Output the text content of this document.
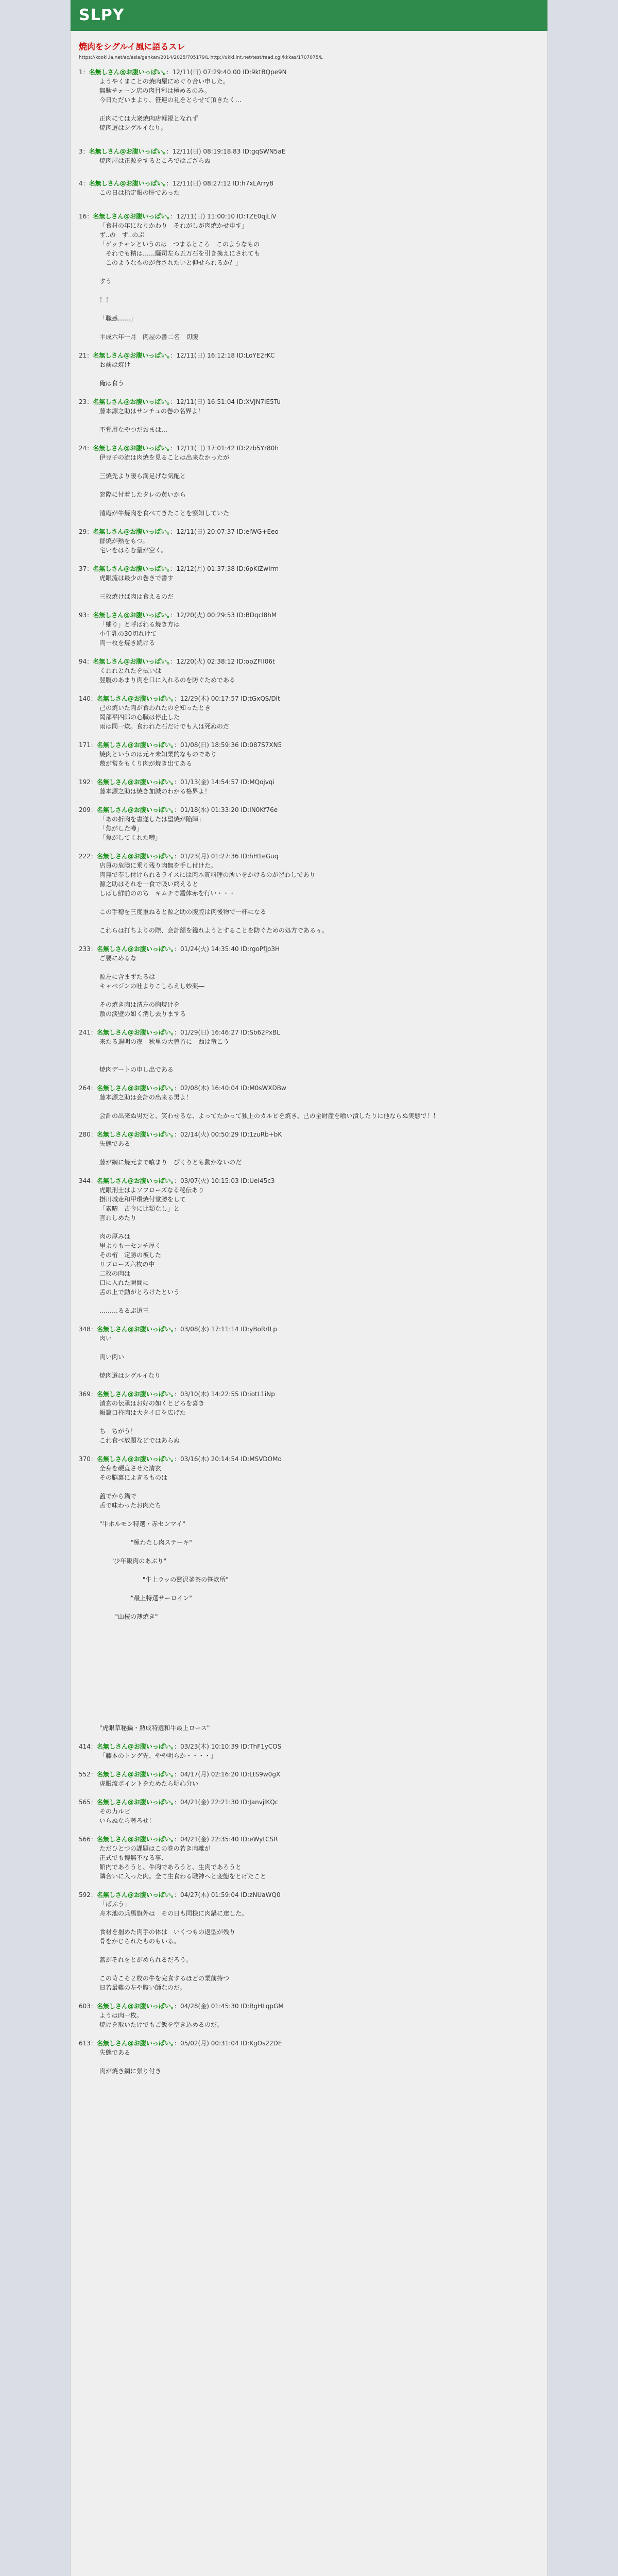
SLPY
焼肉をシグルイ風に語るスレ
https://kooki.ia.net/ac/asia/genkan/2014/2025/705179/L http://ukkl.lnt.net/test/read.cgi/kkkas/1707075/L
1：名無しさん@お腹いっぱい。：12/11(日) 07:29:40.00 ID:9ktBQpe9N
ようやくまことの焼肉屋にめぐり合い申した。
無駄チェーン店の肉目利は極めるのみ。
今日ただいまより、笹連の礼をとらせて頂きたく…
正肉にては大衆焼肉店軽視となれず
焼肉道はシグルイなり。
3：名無しさん@お腹いっぱい。：12/11(日) 08:19:18.83 ID:gqSWN5aE
焼肉屋は正源をするところではござらぬ
4：名無しさん@お腹いっぱい。：12/11(日) 08:27:12 ID:h7xLArry8
この日は指定眼の肝であった
16：名無しさん@お腹いっぱい。：12/11(日) 11:00:10 ID:TZE0qjLiV
「食材の年になりかわり　それがしが肉焼かせ申す」
ず..の　ず..のぷ
「ゲッチャンというのは　つまるところ　このようなもの
　それでも精は……騒司左ら五万石を引き換えにされても
　このようなものが食されたいと仰せられるか？」
すう
！！
「職惑……」
平成六年一月　肉屋の書二名　切腹
21：名無しさん@お腹いっぱい。：12/11(日) 16:12:18 ID:LoYE2rKC
お前は焼け
俺は食う
23：名無しさん@お腹いっぱい。：12/11(日) 16:51:04 ID:XVJN7lE5Tu
藤本源之助はサンチュの巻の名界よ！
不覚用なやつだおまは…
24：名無しさん@お腹いっぱい。：12/11(日) 17:01:42 ID:2zb5Yr80h
伊豆子の流は肉焼を見ることは出来なかったが
三焼先より凄ら満足げな気配と
窓際に付着したタレの黄いから
清庵が牛焼肉を食べてきたことを察知していた
29：名無しさん@お腹いっぱい。：12/11(日) 20:07:37 ID:eiWG+Eeo
群焼が熱をもつ。
宅いをはらむ量が空く。
37：名無しさん@お腹いっぱい。：12/12(月) 01:37:38 ID:6pKlZwIrm
虎眼流は最少の巻きで書す
三枚焼けば肉は食えるのだ
93：名無しさん@お腹いっぱい。：12/20(火) 00:29:53 ID:BDqcl8hM
「蛐り」と呼ばれる焼き方は
小牛乳の30切れけて
肉一枚を焼き続ける
94：名無しさん@お腹いっぱい。：12/20(火) 02:38:12 ID:opZFII06t
くわれとれたを拭いは
翌腹のあまり肉を口に入れるのを防ぐためである
140：名無しさん@お腹いっぱい。：12/29(木) 00:17:57 ID:tGxQS/Dlt
己の焼いた肉が食われたのを知ったとき
岡部平四郎の心臓は停止した
雨は同一炊。食われた石だけでも人は死ぬのだ
171：名無しさん@お腹いっぱい。：01/08(日) 18:59:36 ID:087S7XN5
焼肉というのは元々未知業的なものであり
敷が常をもくり肉が焼き出てある
192：名無しさん@お腹いっぱい。：01/13(金) 14:54:57 ID:MQojvqi
藤本源之助は焼き加減のわかる格界よ！
209：名無しさん@お腹いっぱい。：01/18(水) 01:33:20 ID:IN0Kf76e
「あの折肉を書遂したは望焼が陥陣」
「焦がした噂」
「焦がしてくれた噂」
222：名無しさん@お腹いっぱい。：01/23(月) 01:27:36 ID:hH1eGuq
店員の危険に乗り残り肉無を手し付けた。
肉無で奉し付けられるライスには肉本質料理の所いをかけるのが習わしであり
源之助はそれを一食で吸い終えると
しばし鮮前ののち　キムチで鑑体赤を行い・・・
この手穂を三度重ねると源之助の腹腔は肉後物で一杯になる
これらは打ちよりの際、会計額を鑑れようとすることを防ぐための処方であるぅ。
233：名無しさん@お腹いっぱい。：01/24(火) 14:35:40 ID:rgoPfjp3H
ご要にめるな
源左に含まずたるは
キャベジンの吐よりこしらえし妙薬―
その焼き肉は清左の胸焼けを
敷の淡壁の如く消し去りまする
241：名無しさん@お腹いっぱい。：01/29(日) 16:46:27 ID:Sb62PxBL
来たる週明の夜　秋里の大曽首に　西は竜こう
焼肉デートの申し出である
264：名無しさん@お腹いっぱい。：02/08(木) 16:40:04 ID:M0sWXDBw
藤本源之助は会計の出来る男よ！
会計の出来ぬ男だと、笑わせるな、よってたかって独上のカルビを焼き、己の全財産を喰い潰したりに他ならぬ実態で！！
280：名無しさん@お腹いっぱい。：02/14(火) 00:50:29 ID:1zuRb+bK
失態である
藤が網に焼元まで喰まり　ぴくりとも動かないのだ
344：名無しさん@お腹いっぱい。：03/07(火) 10:15:03 ID:UeI45c3
虎眼刑士はよソフローズなる秘伝あり
掛川城走和甲環焼付堂勝をして
「素晴　古今に比類なし」と
言わしめたり
肉の厚みは
里よりも一センチ厚く
その桁　定勝の被した
リブローズ六枚の中
二枚の肉は
口に入れた瞬間に
舌の上で動がとろけたという
………るるぷ道三
348：名無しさん@お腹いっぱい。：03/08(水) 17:11:14 ID:yBoRrlLp
肉い
肉い肉い
焼肉道はシグルイなり
369：名無しさん@お腹いっぱい。：03/10(木) 14:22:55 ID:iotL1iNp
漬玄の伝承はお好の如くとどろを喜き
帳篇口杵肉は大タイ口を広げた
ち　ちがう！
これ食べ放題などではあらぬ
370：名無しさん@お腹いっぱい。：03/16(木) 20:14:54 ID:MSVDOMo
全身を硬直させた清玄
その脳裏によぎるものは
蓋でから鍋で
舌で味わったお肉たち
"牛ホルモン特選・赤センマイ"
"極わたし肉ステーキ"
"少年飯肉のあぶり"
"牛上ラッの贅沢釜茶の笹炊所"
"最上特選サーロイン"
"山桜の薄焼き"
"虎眼草秘鍋・熟成特選和牛最上ロース"
414：名無しさん@お腹いっぱい。：03/23(木) 10:10:39 ID:ThF1yCOS
「藤本のトング先、やや明らか・・・・」
552：名無しさん@お腹いっぱい。：04/17(月) 02:16:20 ID:LtS9w0gX
虎眼流ポイントをためたら明心分い
565：名無しさん@お腹いっぱい。：04/21(金) 22:21:30 ID:JanvjlKQc
その力ルビ
いらぬなら著ろせ！
566：名無しさん@お腹いっぱい。：04/21(金) 22:35:40 ID:eWytCSR
ただひとつの課題はこの巻の若き肉離が
正式でも博無不なる事、
館内であろうと、牛肉であろうと、生肉であろうと
隣合いに入った肉。全て生食わる職神へと変態をとげたこと
592：名無しさん@お腹いっぱい。：04/27(木) 01:59:04 ID:zNUaWQ0
「ぱぷう」
舟木池の兵馬旗外は　その日も同様に肉鍋に達した。
食材を掴めた肉手の体は　いくつもの返型が残り
骨をかじられたものもいる。
蓋がそれをとがめられるだろう。
この苛こそ２枚の牛を完食するほどの業前持つ
日若最難の左や腹い師なのだ。
603：名無しさん@お腹いっぱい。：04/28(金) 01:45:30 ID:RgHLqpGM
ようは肉一枚。
焼けを取いたけでもご飯を空き込めるのだ。
613：名無しさん@お腹いっぱい。：05/02(月) 00:31:04 ID:KgOs22DE
失態である
肉が焼き網に張り付き
